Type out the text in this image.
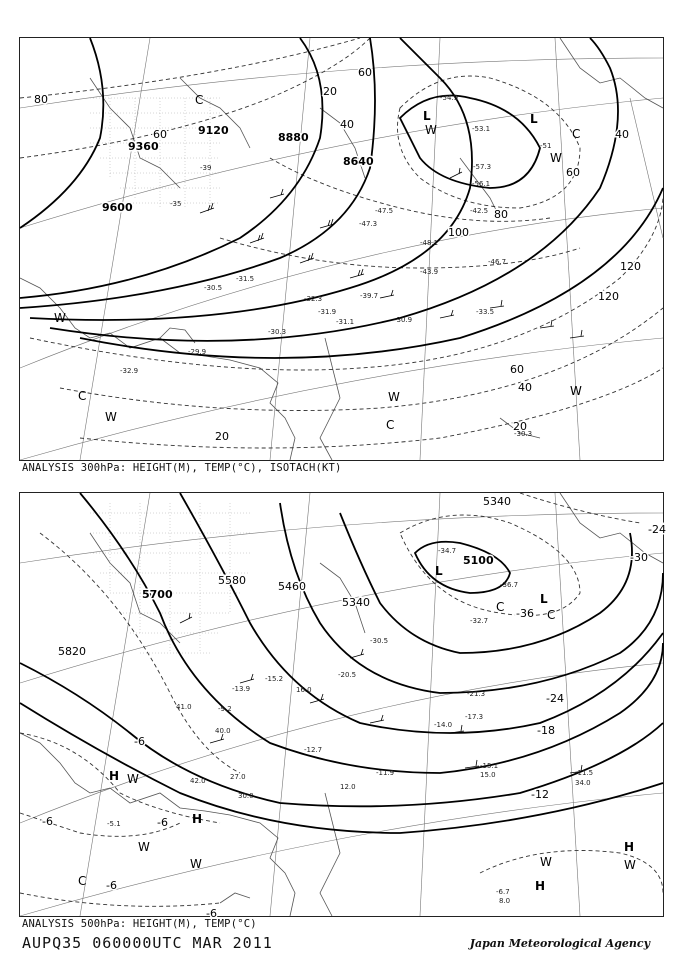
9600
9360
9120
8880
8640
80
60
60
40
20
100
80
120
120
60
40
20
20
40
60
L	L
W
W
C
C
W
W
C	W
C
W
-54.9
-53.1
-57.3
-56.1
-47.5
-47.3
-42.5
-48.1
-46.7
-43.9
-39.7
-33.5
-32.3
-31.9
-30.5
-31.5
-30.3
-29.9
-32.9
-31.1	-30.9
-30.3
-51
-39
-35
ANALYSIS 300hPa: HEIGHT(M), TEMP(°C), ISOTACH(KT)
5700
5580	5460
5340
5820
5340
5100
-24
-30
-36
-24
-18
-12
-6
-6
-6
-6
-6
L
L
C
C
H W
H
W
W
C
H
W
H
W
-34.7
-36.7
-32.7
-30.5
-21.3
-20.5
-17.3
-14.0
-15.1
-11.5
-11.9
-12.7
-15.2
-13.9
-9.2
-6.7
-5.1
15.0
34.0
12.0
16.0
30.0
42.0	27.0
41.0
40.0
8.0
ANALYSIS 500hPa: HEIGHT(M), TEMP(°C)
AUPQ35 060000UTC MAR 2011	Japan Meteorological Agency
